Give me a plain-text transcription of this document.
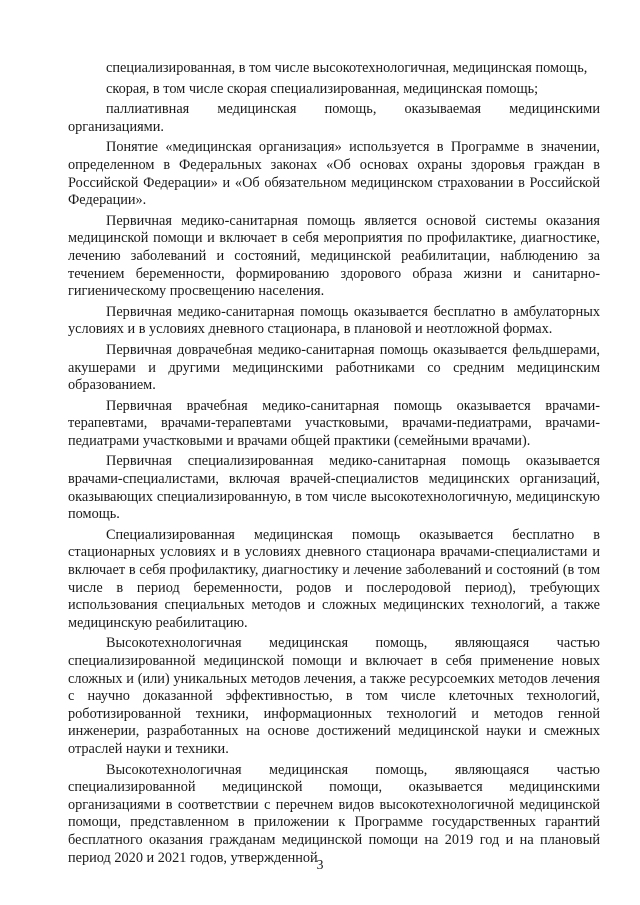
специализированная, в том числе высокотехнологичная, медицинская помощь,

скорая, в том числе скорая специализированная, медицинская помощь;

паллиативная медицинская помощь, оказываемая медицинскими организациями.

Понятие «медицинская организация» используется в Программе в значении, определенном в Федеральных законах «Об основах охраны здоровья граждан в Российской Федерации» и «Об обязательном медицинском страховании в Российской Федерации».

Первичная медико-санитарная помощь является основой системы оказания медицинской помощи и включает в себя мероприятия по профилактике, диагностике, лечению заболеваний и состояний, медицинской реабилитации, наблюдению за течением беременности, формированию здорового образа жизни и санитарно-гигиеническому просвещению населения.

Первичная медико-санитарная помощь оказывается бесплатно в амбулаторных условиях и в условиях дневного стационара, в плановой и неотложной формах.

Первичная доврачебная медико-санитарная помощь оказывается фельдшерами, акушерами и другими медицинскими работниками со средним медицинским образованием.

Первичная врачебная медико-санитарная помощь оказывается врачами-терапевтами, врачами-терапевтами участковыми, врачами-педиатрами, врачами-педиатрами участковыми и врачами общей практики (семейными врачами).

Первичная специализированная медико-санитарная помощь оказывается врачами-специалистами, включая врачей-специалистов медицинских организаций, оказывающих специализированную, в том числе высокотехнологичную, медицинскую помощь.

Специализированная медицинская помощь оказывается бесплатно в стационарных условиях и в условиях дневного стационара врачами-специалистами и включает в себя профилактику, диагностику и лечение заболеваний и состояний (в том числе в период беременности, родов и послеродовой период), требующих использования специальных методов и сложных медицинских технологий, а также медицинскую реабилитацию.

Высокотехнологичная медицинская помощь, являющаяся частью специализированной медицинской помощи и включает в себя применение новых сложных и (или) уникальных методов лечения, а также ресурсоемких методов лечения с научно доказанной эффективностью, в том числе клеточных технологий, роботизированной техники, информационных технологий и методов генной инженерии, разработанных на основе достижений медицинской науки и смежных отраслей науки и техники.

Высокотехнологичная медицинская помощь, являющаяся частью специализированной медицинской помощи, оказывается медицинскими организациями в соответствии с перечнем видов высокотехнологичной медицинской помощи, представленном в приложении к Программе государственных гарантий бесплатного оказания гражданам медицинской помощи на 2019 год и на плановый период 2020 и 2021 годов, утвержденной

3
